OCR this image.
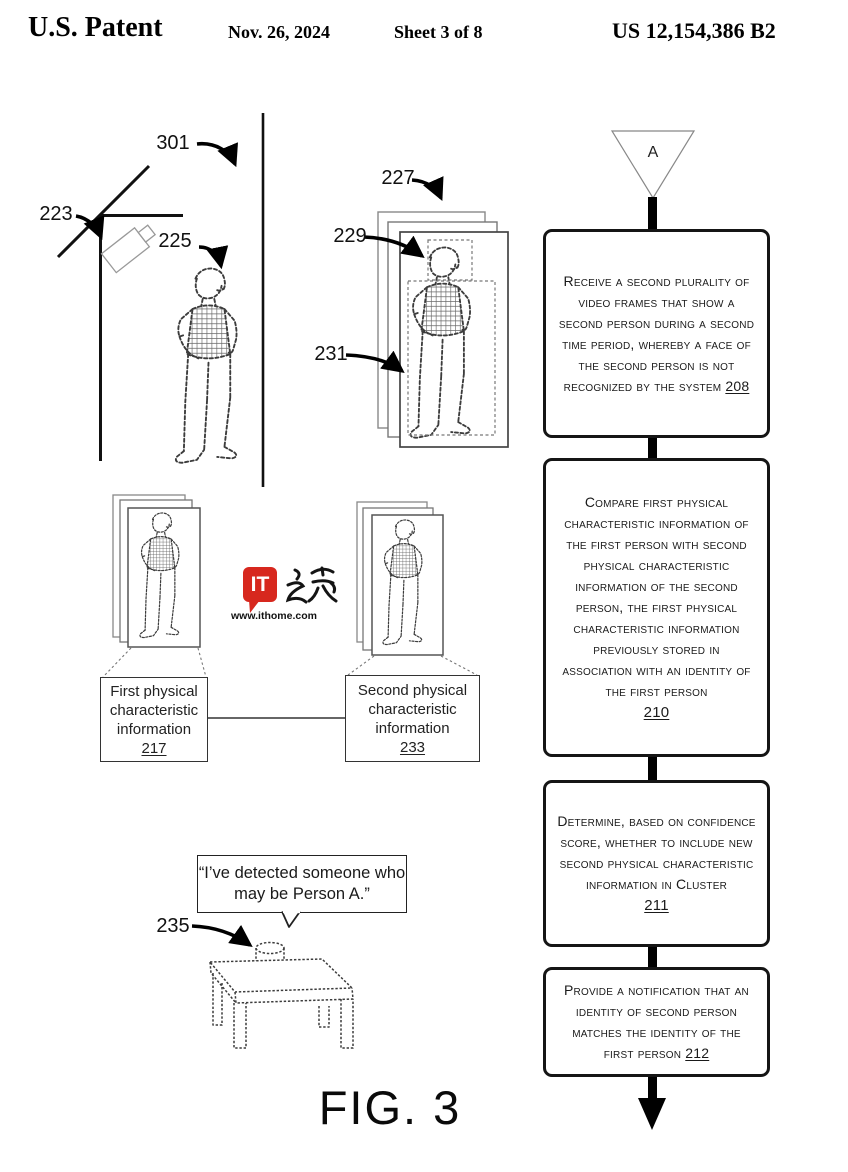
U.S. Patent	Nov. 26, 2024	Sheet 3 of 8	US 12,154,386 B2
301
223
225
227
229
231
235
A
Receive a second plurality of video frames that show a second person during a second time period, whereby a face of the second person is not recognized by the system 208
Compare first physical characteristic information of the first person with second physical characteristic information of the second person, the first physical characteristic information previously stored in association with an identity of the first person
210
Determine, based on confidence score, whether to include new second physical characteristic information in Cluster
211
Provide a notification that an identity of second person matches the identity of the first person 212
First physical characteristic information
217
Second physical characteristic information
233
“I’ve detected someone who may be Person A.”
IT
www.ithome.com
FIG. 3
